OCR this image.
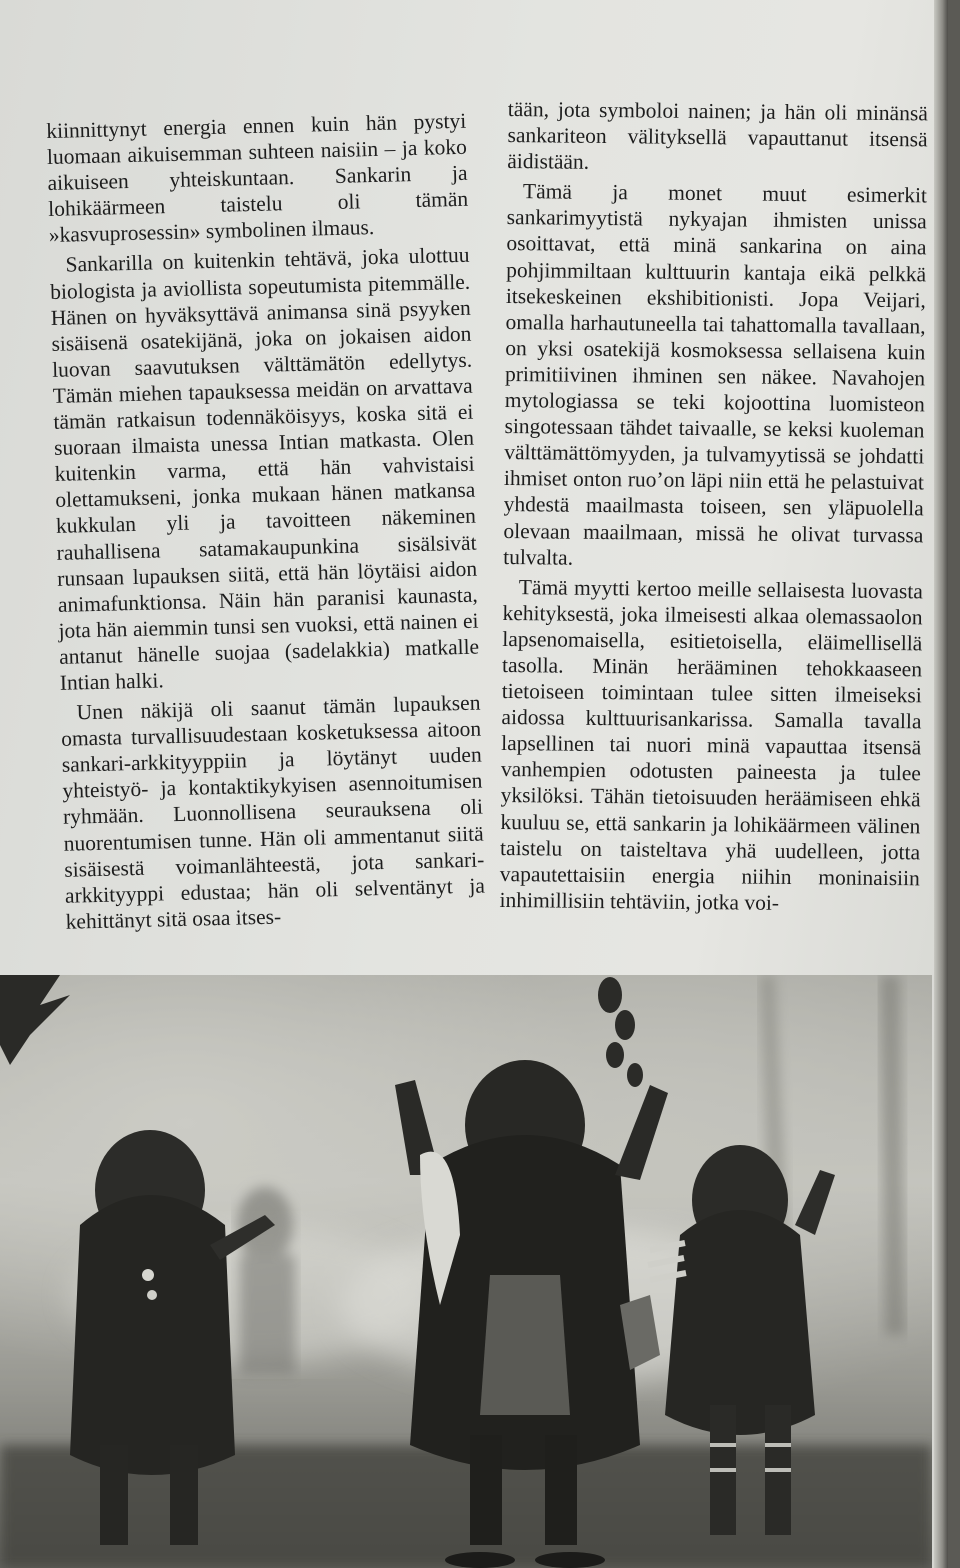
kiinnittynyt energia ennen kuin hän pystyi luomaan aikuisemman suhteen naisiin – ja koko aikuiseen yhteiskuntaan. Sankarin ja lohikäärmeen taistelu oli tämän »kasvuprosessin» symbolinen ilmaus.

Sankarilla on kuitenkin tehtävä, joka ulottuu biologista ja aviollista sopeutumista pitemmälle. Hänen on hyväksyttävä animansa sinä psyyken sisäisenä osatekijänä, joka on jokaisen aidon luovan saavutuksen välttämätön edellytys. Tämän miehen tapauksessa meidän on arvattava tämän ratkaisun todennäköisyys, koska sitä ei suoraan ilmaista unessa Intian matkasta. Olen kuitenkin varma, että hän vahvistaisi olettamukseni, jonka mukaan hänen matkansa kukkulan yli ja tavoitteen näkeminen rauhallisena satamakaupunkina sisälsivät runsaan lupauksen siitä, että hän löytäisi aidon animafunktionsa. Näin hän paranisi kaunasta, jota hän aiemmin tunsi sen vuoksi, että nainen ei antanut hänelle suojaa (sadelakkia) matkalle Intian halki.

Unen näkijä oli saanut tämän lupauksen omasta turvallisuudestaan kosketuksessa aitoon sankari-arkkityyppiin ja löytänyt uuden yhteistyö- ja kontaktikykyisen asennoitumisen ryhmään. Luonnollisena seurauksena oli nuorentumisen tunne. Hän oli ammentanut siitä sisäisestä voimanlähteestä, jota sankari-arkkityyppi edustaa; hän oli selventänyt ja kehittänyt sitä osaa itses-

tään, jota symboloi nainen; ja hän oli minänsä sankariteon välityksellä vapauttanut itsensä äidistään.

Tämä ja monet muut esimerkit sankarimyytistä nykyajan ihmisten unissa osoittavat, että minä sankarina on aina pohjimmiltaan kulttuurin kantaja eikä pelkkä itsekeskeinen ekshibitionisti. Jopa Veijari, omalla harhautuneella tai tahattomalla tavallaan, on yksi osatekijä kosmoksessa sellaisena kuin primitiivinen ihminen sen näkee. Navahojen mytologiassa se teki kojoottina luomisteon singotessaan tähdet taivaalle, se keksi kuoleman välttämättömyyden, ja tulvamyytissä se johdatti ihmiset onton ruo’on läpi niin että he pelastuivat yhdestä maailmasta toiseen, sen yläpuolella olevaan maailmaan, missä he olivat turvassa tulvalta.

Tämä myytti kertoo meille sellaisesta luovasta kehityksestä, joka ilmeisesti alkaa olemassaolon lapsenomaisella, esitietoisella, eläimellisellä tasolla. Minän herääminen tehokkaaseen tietoiseen toimintaan tulee sitten ilmeiseksi aidossa kulttuurisankarissa. Samalla tavalla lapsellinen tai nuori minä vapauttaa itsensä vanhempien odotusten paineesta ja tulee yksilöksi. Tähän tietoisuuden heräämiseen ehkä kuuluu se, että sankarin ja lohikäärmeen välinen taistelu on taisteltava yhä uudelleen, jotta vapautettaisiin energia niihin moninaisiin inhimillisiin tehtäviin, jotka voi-
